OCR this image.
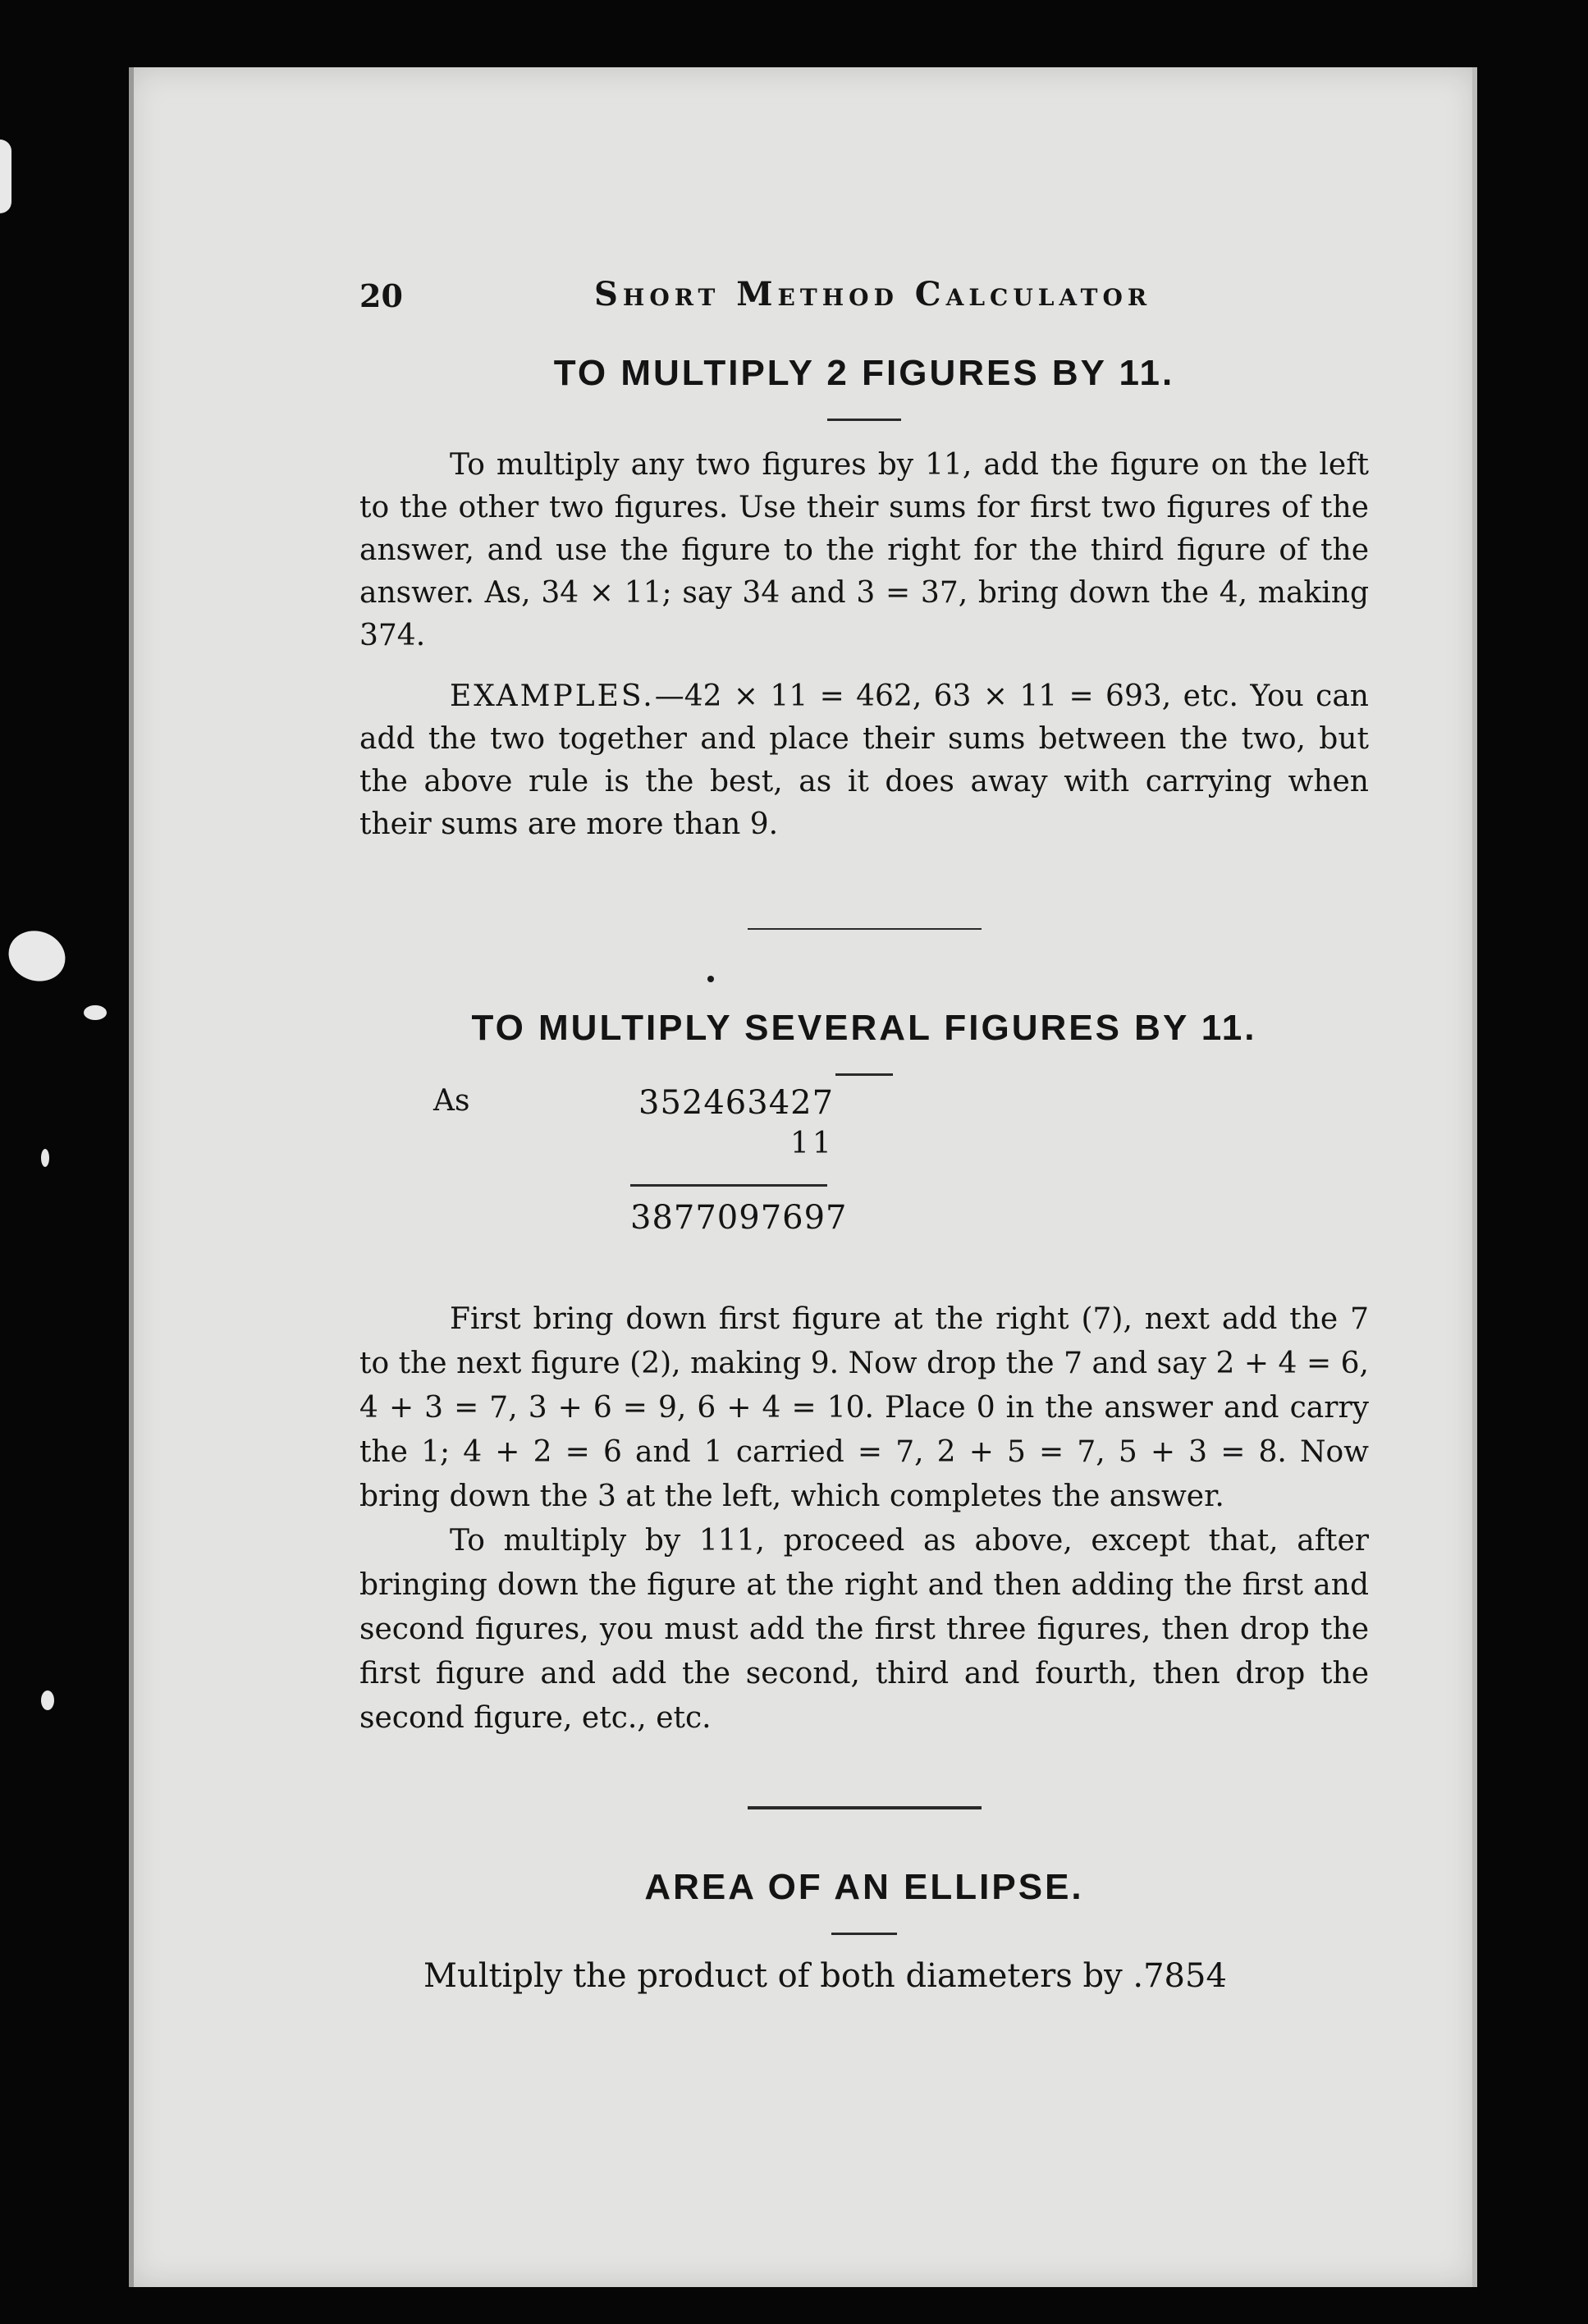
20	Short Method Calculator
TO MULTIPLY 2 FIGURES BY 11.

To multiply any two figures by 11, add the figure on the left to the other two figures. Use their sums for first two figures of the answer, and use the figure to the right for the third figure of the answer. As, 34 × 11; say 34 and 3 = 37, bring down the 4, making 374.

EXAMPLES.—42 × 11 = 462, 63 × 11 = 693, etc. You can add the two together and place their sums between the two, but the above rule is the best, as it does away with carrying when their sums are more than 9.

TO MULTIPLY SEVERAL FIGURES BY 11.
As	352463427
11
3877097697

First bring down first figure at the right (7), next add the 7 to the next figure (2), making 9. Now drop the 7 and say 2 + 4 = 6, 4 + 3 = 7, 3 + 6 = 9, 6 + 4 = 10. Place 0 in the answer and carry the 1; 4 + 2 = 6 and 1 carried = 7, 2 + 5 = 7, 5 + 3 = 8. Now bring down the 3 at the left, which completes the answer.

To multiply by 111, proceed as above, except that, after bringing down the figure at the right and then adding the first and second figures, you must add the first three figures, then drop the first figure and add the second, third and fourth, then drop the second figure, etc., etc.

AREA OF AN ELLIPSE.

Multiply the product of both diameters by .7854
